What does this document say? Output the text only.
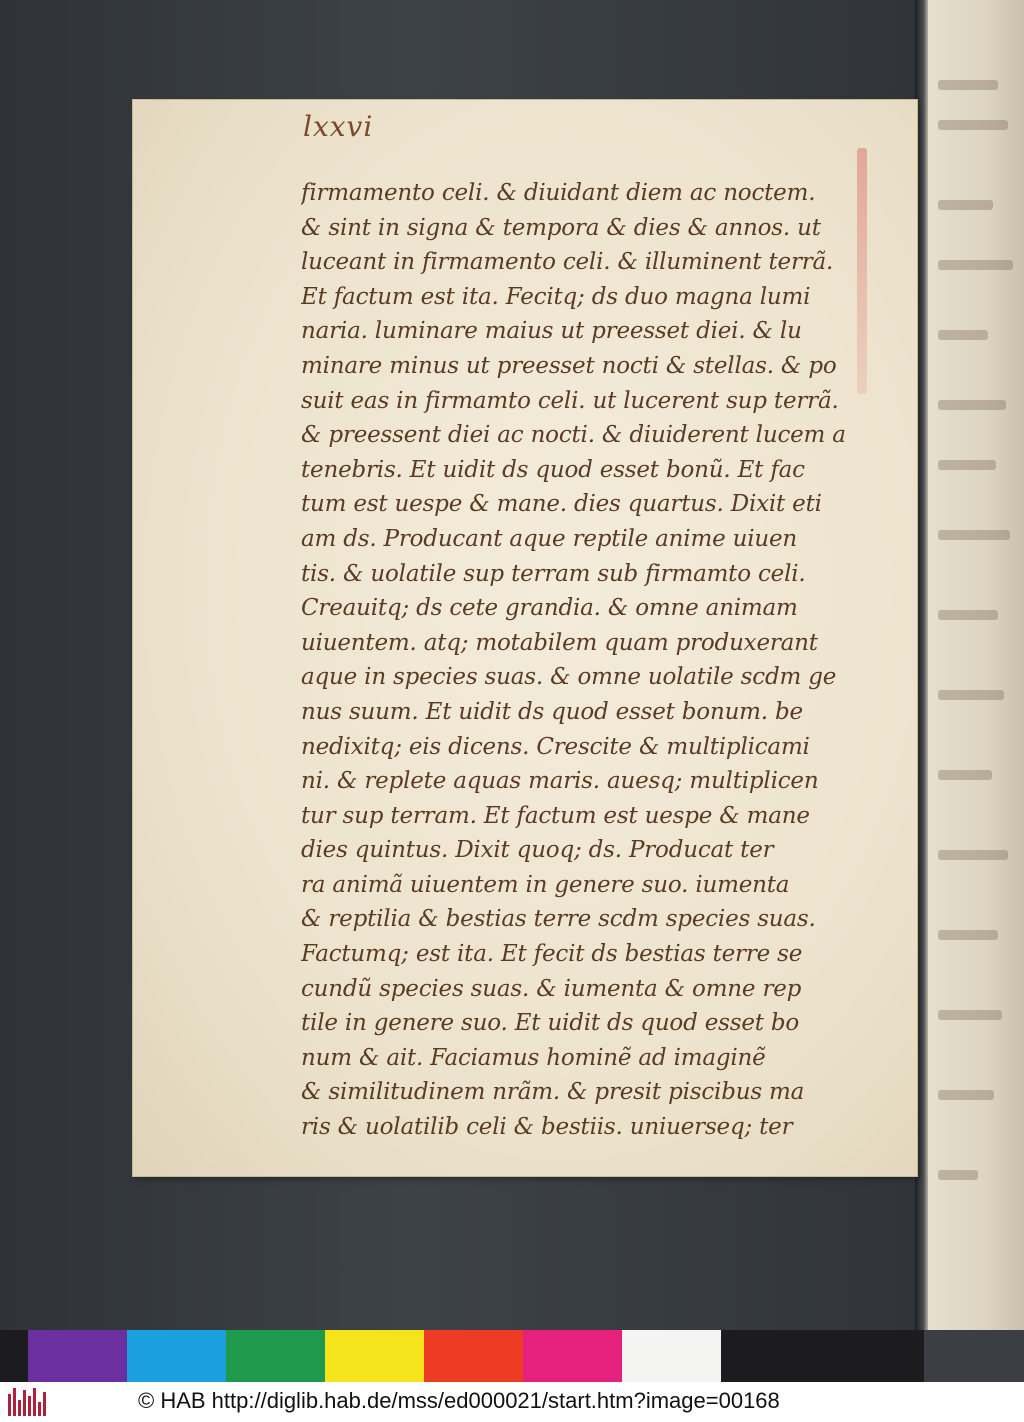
lxxvi
firmamento celi. & diuidant diem ac noctem.
& sint in signa & tempora & dies & annos. ut
luceant in firmamento celi. & illuminent terrã.
Et factum est ita. Fecitq; ds duo magna lumi
naria. luminare maius ut preesset diei. & lu
minare minus ut preesset nocti & stellas. & po
suit eas in firmamto celi. ut lucerent sup terrã.
& preessent diei ac nocti. & diuiderent lucem a
tenebris. Et uidit ds quod esset bonũ. Et fac
tum est uespe & mane. dies quartus. Dixit eti
am ds. Producant aque reptile anime uiuen
tis. & uolatile sup terram sub firmamto celi.
Creauitq; ds cete grandia. & omne animam
uiuentem. atq; motabilem quam produxerant
aque in species suas. & omne uolatile scdm ge
nus suum. Et uidit ds quod esset bonum. be
nedixitq; eis dicens. Crescite & multiplicami
ni. & replete aquas maris. auesq; multiplicen
tur sup terram. Et factum est uespe & mane
dies quintus. Dixit quoq; ds. Producat ter
ra animã uiuentem in genere suo. iumenta
& reptilia & bestias terre scdm species suas.
Factumq; est ita. Et fecit ds bestias terre se
cundũ species suas. & iumenta & omne rep
tile in genere suo. Et uidit ds quod esset bo
num & ait. Faciamus hominẽ ad imaginẽ
& similitudinem nrãm. & presit piscibus ma
ris & uolatilib celi & bestiis. uniuerseq; ter
© HAB http://diglib.hab.de/mss/ed000021/start.htm?image=00168
